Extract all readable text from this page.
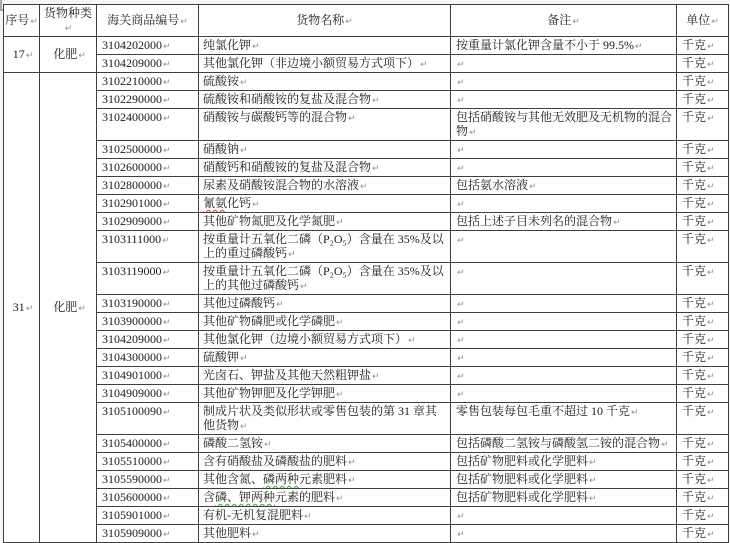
序号↵	货物种类↵	海关商品编号↵	货物名称↵	备注↵	单位↵
17↵	化肥↵	3104202000↵	纯氯化钾↵	按重量计氯化钾含量不小于 99.5%↵	千克↵
		3104209000↵	其他氯化钾（非边境小额贸易方式项下）↵	↵	千克↵
31↵	化肥↵	3102210000↵	硫酸铵↵	↵	千克↵
		3102290000↵	硫酸铵和硝酸铵的复盐及混合物↵	↵	千克↵
		3102400000↵	硝酸铵与碳酸钙等的混合物↵	包括硝酸铵与其他无效肥及无机物的混合物↵	千克↵
		3102500000↵	硝酸钠↵	↵	千克↵
		3102600000↵	硝酸钙和硝酸铵的复盐及混合物↵	↵	千克↵
		3102800000↵	尿素及硝酸铵混合物的水溶液↵	包括氨水溶液↵	千克↵
		3102901000↵	氰氨化钙↵	↵	千克↵
		3102909000↵	其他矿物氮肥及化学氮肥↵	包括上述子目未列名的混合物↵	千克↵
		3103111000↵	按重量计五氧化二磷（P₂O₅）含量在 35%及以上的重过磷酸钙↵	↵	千克↵
		3103119000↵	按重量计五氧化二磷（P₂O₅）含量在 35%及以上的其他过磷酸钙↵	↵	千克↵
		3103190000↵	其他过磷酸钙↵	↵	千克↵
		3103900000↵	其他矿物磷肥或化学磷肥↵	↵	千克↵
		3104209000↵	其他氯化钾（边境小额贸易方式项下）↵	↵	千克↵
		3104300000↵	硫酸钾↵	↵	千克↵
		3104901000↵	光卤石、钾盐及其他天然粗钾盐↵	↵	千克↵
		3104909000↵	其他矿物钾肥及化学钾肥↵	↵	千克↵
		3105100090↵	制成片状及类似形状或零售包装的第 31 章其他货物↵	零售包装每包毛重不超过 10 千克↵	千克↵
		3105400000↵	磷酸二氢铵↵	包括磷酸二氢铵与磷酸氢二铵的混合物↵	千克↵
		3105510000↵	含有硝酸盐及磷酸盐的肥料↵	包括矿物肥料或化学肥料↵	千克↵
		3105590000↵	其他含氮、磷两种元素肥料↵	包括矿物肥料或化学肥料↵	千克↵
		3105600000↵	含磷、钾两种元素的肥料↵	包括矿物肥料或化学肥料↵	千克↵
		3105901000↵	有机-无机复混肥料↵	↵	千克↵
		3105909000↵	其他肥料↵	↵	千克↵
